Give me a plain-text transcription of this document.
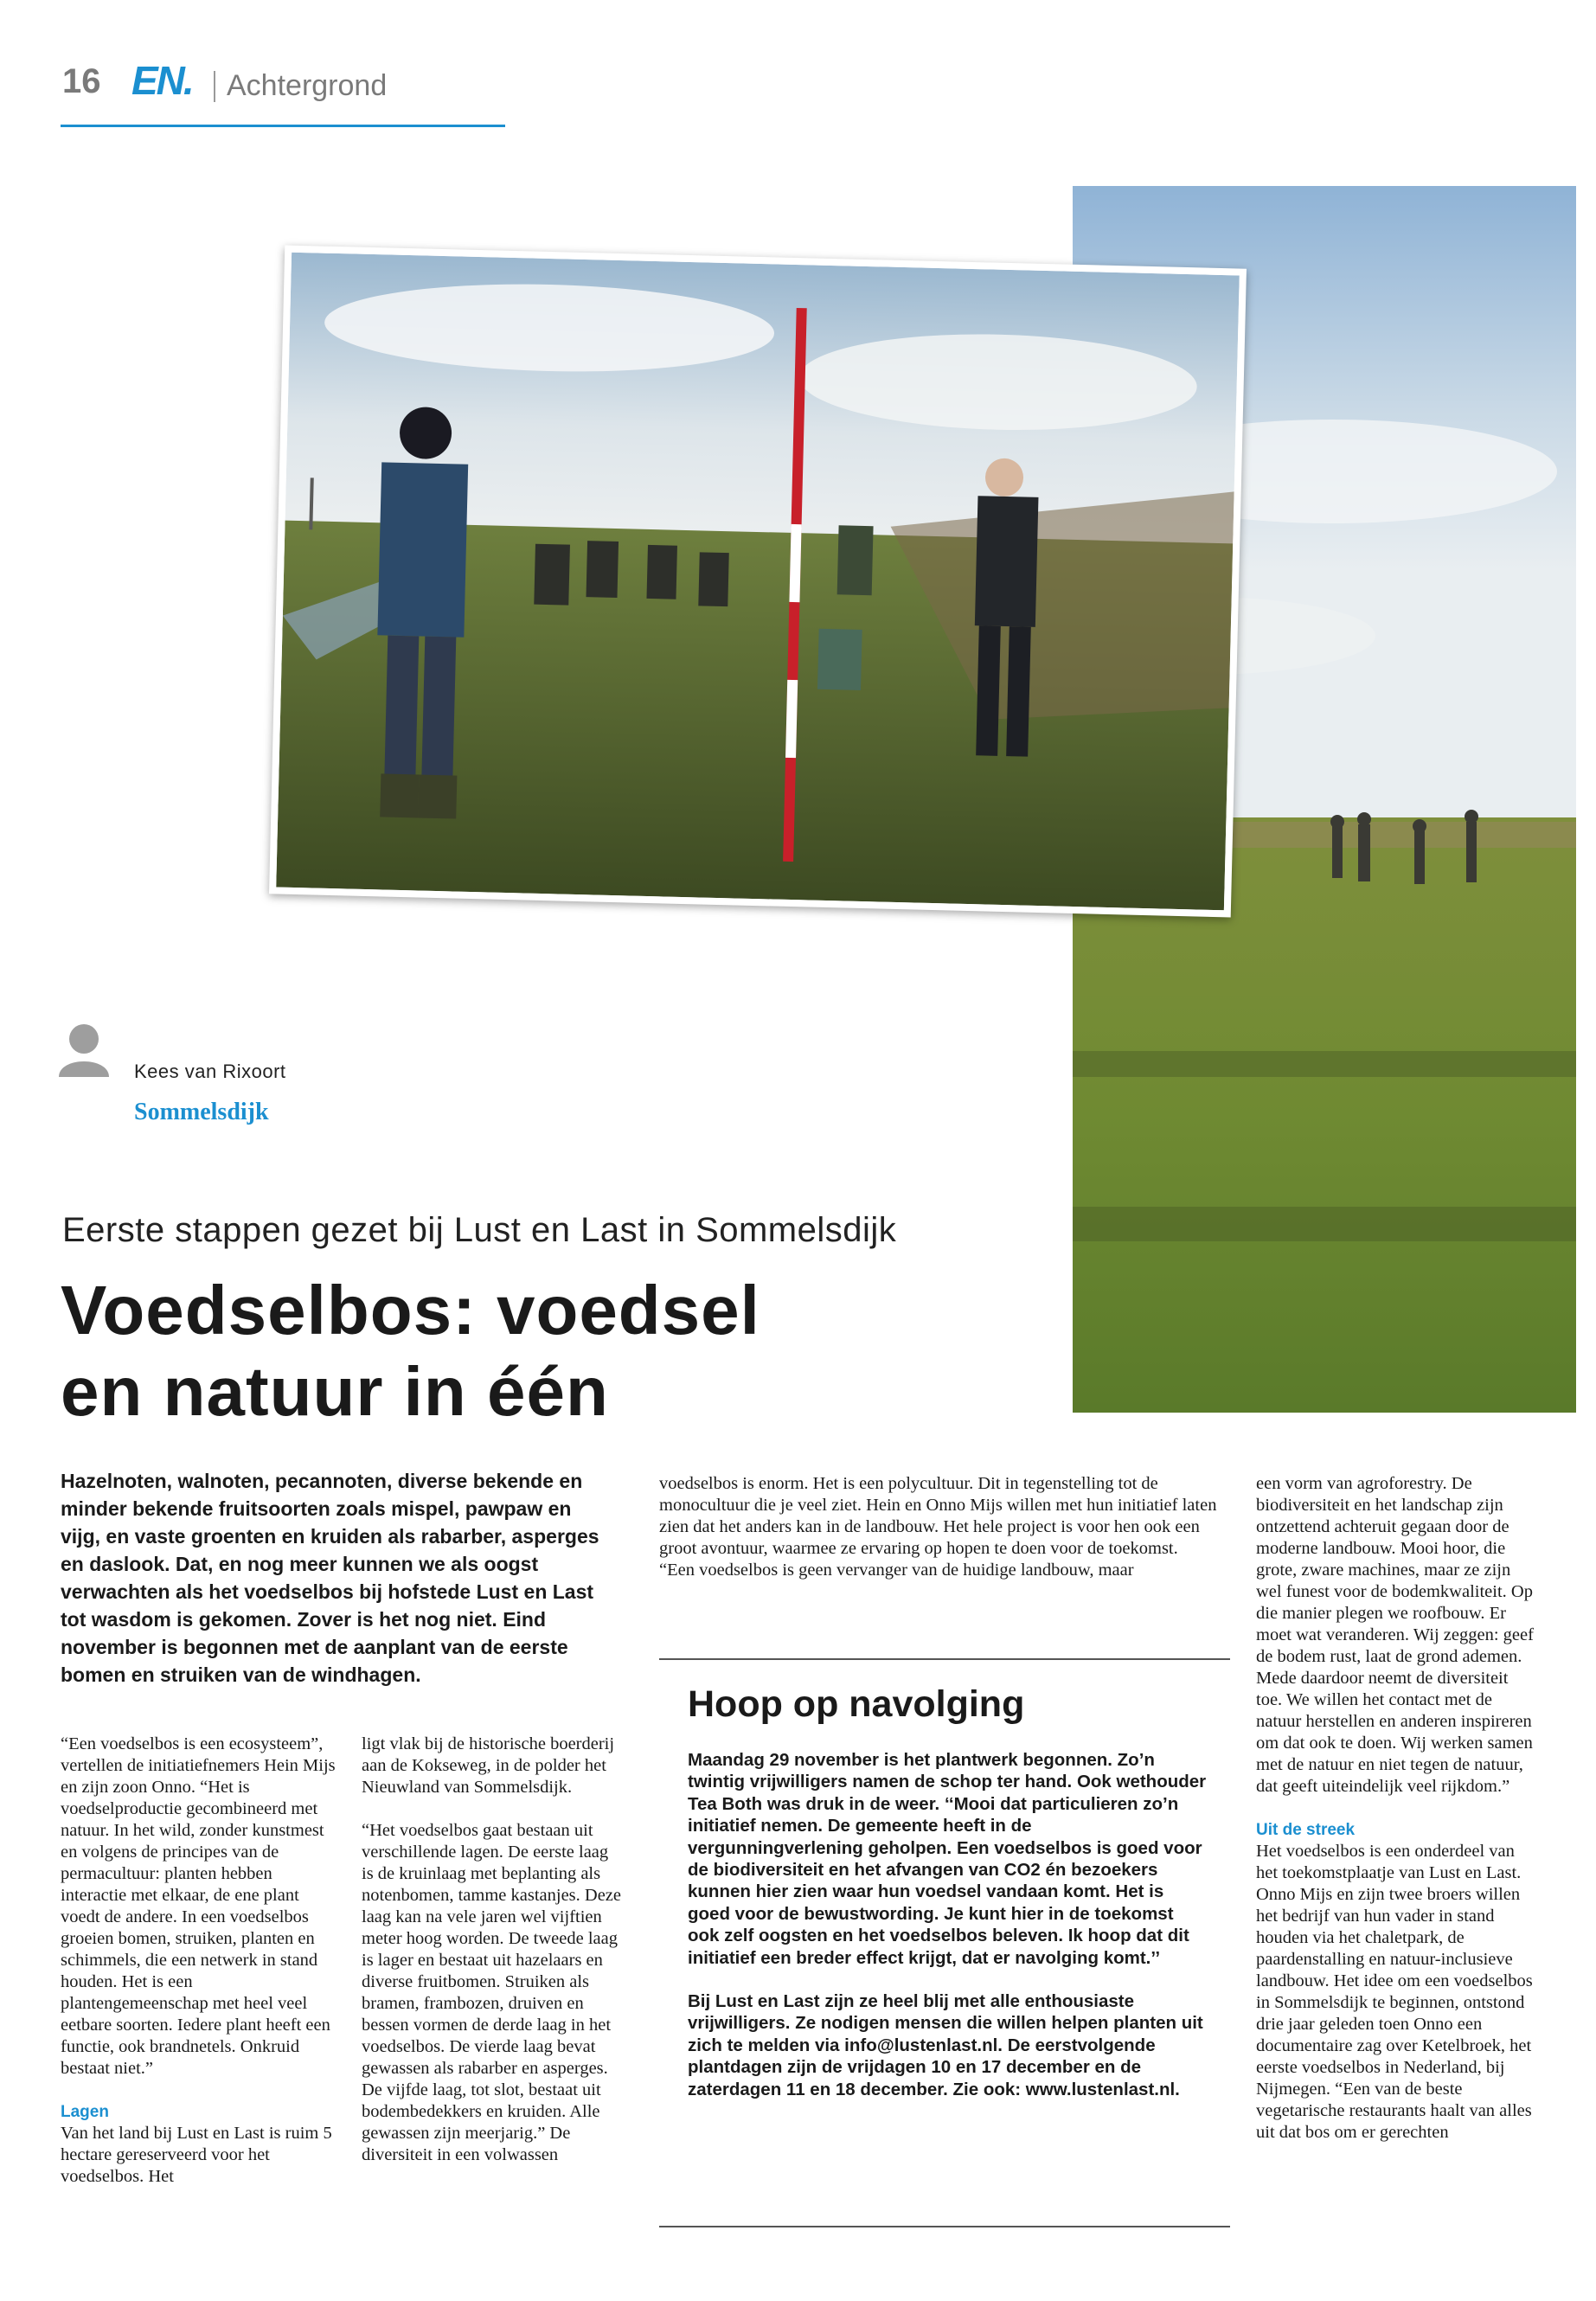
16 EN. Achtergrond
Kees van Rixoort
Sommelsdijk
Eerste stappen gezet bij Lust en Last in Sommelsdijk
Voedselbos: voedsel
en natuur in één
Hazelnoten, walnoten, pecannoten, diverse bekende en minder bekende fruitsoorten zoals mispel, pawpaw en vijg, en vaste groenten en kruiden als rabarber, asperges en daslook. Dat, en nog meer kunnen we als oogst verwachten als het voedselbos bij hofstede Lust en Last tot wasdom is gekomen. Zover is het nog niet. Eind november is begonnen met de aanplant van de eerste bomen en struiken van de windhagen.

“Een voedselbos is een ecosysteem”, vertellen de initiatiefnemers Hein Mijs en zijn zoon Onno. “Het is voedselproductie gecombineerd met natuur. In het wild, zonder kunstmest en volgens de principes van de permacultuur: planten hebben interactie met elkaar, de ene plant voedt de andere. In een voedselbos groeien bomen, struiken, planten en schimmels, die een netwerk in stand houden. Het is een plantengemeenschap met heel veel eetbare soorten. Iedere plant heeft een functie, ook brandnetels. Onkruid bestaat niet.”

Lagen

Van het land bij Lust en Last is ruim 5 hectare gereserveerd voor het voedselbos. Het

ligt vlak bij de historische boerderij aan de Kokseweg, in de polder het Nieuwland van Sommelsdijk.

“Het voedselbos gaat bestaan uit verschillende lagen. De eerste laag is de kruinlaag met beplanting als notenbomen, tamme kastanjes. Deze laag kan na vele jaren wel vijftien meter hoog worden. De tweede laag is lager en bestaat uit hazelaars en diverse fruitbomen. Struiken als bramen, frambozen, druiven en bessen vormen de derde laag in het voedselbos. De vierde laag bevat gewassen als rabarber en asperges. De vijfde laag, tot slot, bestaat uit bodembedekkers en kruiden. Alle gewassen zijn meerjarig.” De diversiteit in een volwassen

voedselbos is enorm. Het is een polycultuur. Dit in tegenstelling tot de monocultuur die je veel ziet. Hein en Onno Mijs willen met hun initiatief laten zien dat het anders kan in de landbouw. Het hele project is voor hen ook een groot avontuur, waarmee ze ervaring op hopen te doen voor de toekomst.
“Een voedselbos is geen vervanger van de huidige landbouw, maar
Hoop op navolging

Maandag 29 november is het plantwerk begonnen. Zo’n twintig vrijwilligers namen de schop ter hand. Ook wethouder Tea Both was druk in de weer. ‘‘Mooi dat particulieren zo’n initiatief nemen. De gemeente heeft in de vergunningverlening geholpen. Een voedselbos is goed voor de biodiversiteit en het afvangen van CO2 én bezoekers kunnen hier zien waar hun voedsel vandaan komt. Het is goed voor de bewustwording. Je kunt hier in de toekomst ook zelf oogsten en het voedselbos beleven. Ik hoop dat dit initiatief een breder effect krijgt, dat er navolging komt.’’

Bij Lust en Last zijn ze heel blij met alle enthousiaste vrijwilligers. Ze nodigen mensen die willen helpen planten uit zich te melden via info@lustenlast.nl. De eerstvolgende plantdagen zijn de vrijdagen 10 en 17 december en de zaterdagen 11 en 18 december. Zie ook: www.lustenlast.nl.

een vorm van agroforestry. De biodiversiteit en het landschap zijn ontzettend achteruit gegaan door de moderne landbouw. Mooi hoor, die grote, zware machines, maar ze zijn wel funest voor de bodemkwaliteit. Op die manier plegen we roofbouw. Er moet wat veranderen. Wij zeggen: geef de bodem rust, laat de grond ademen. Mede daardoor neemt de diversiteit toe. We willen het contact met de natuur herstellen en anderen inspireren om dat ook te doen. Wij werken samen met de natuur en niet tegen de natuur, dat geeft uiteindelijk veel rijkdom.”

Uit de streek

Het voedselbos is een onderdeel van het toekomstplaatje van Lust en Last. Onno Mijs en zijn twee broers willen het bedrijf van hun vader in stand houden via het chaletpark, de paardenstalling en natuur-inclusieve landbouw. Het idee om een voedselbos in Sommelsdijk te beginnen, ontstond drie jaar geleden toen Onno een documentaire zag over Ketelbroek, het eerste voedselbos in Nederland, bij Nijmegen. “Een van de beste vegetarische restaurants haalt van alles uit dat bos om er gerechten
